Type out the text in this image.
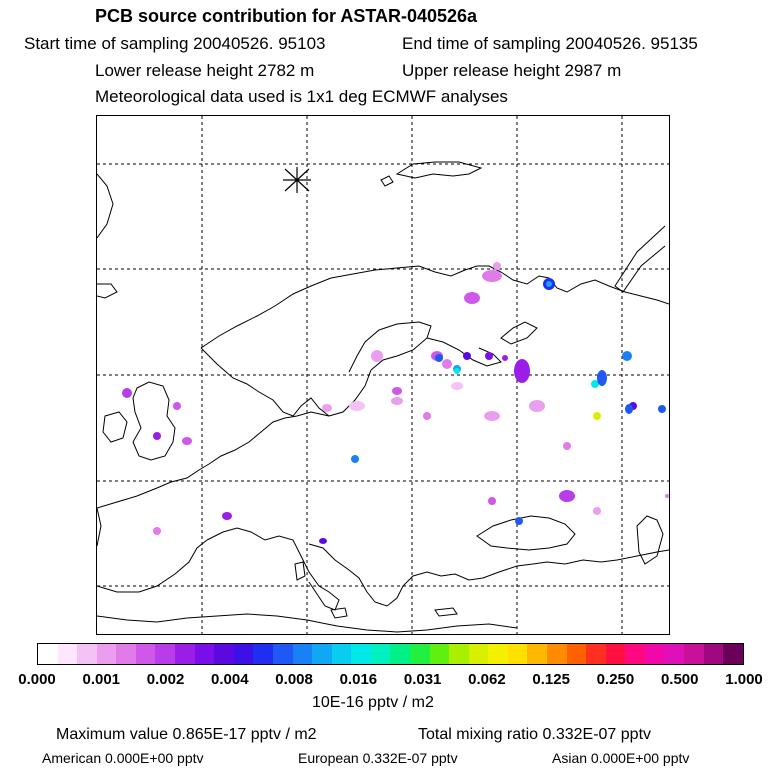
PCB source contribution for ASTAR-040526a
Start time of sampling 20040526. 95103	End time of sampling 20040526. 95135
Lower release height 2782 m	Upper release height 2987 m
Meteorological data used is 1x1 deg ECMWF analyses
0.000 0.001 0.002 0.004 0.008 0.016 0.031 0.062 0.125 0.250 0.500 1.000
10E-16 pptv / m2
Maximum value 0.865E-17 pptv / m2	Total mixing ratio 0.332E-07 pptv
American 0.000E+00 pptv	European 0.332E-07 pptv	Asian 0.000E+00 pptv
